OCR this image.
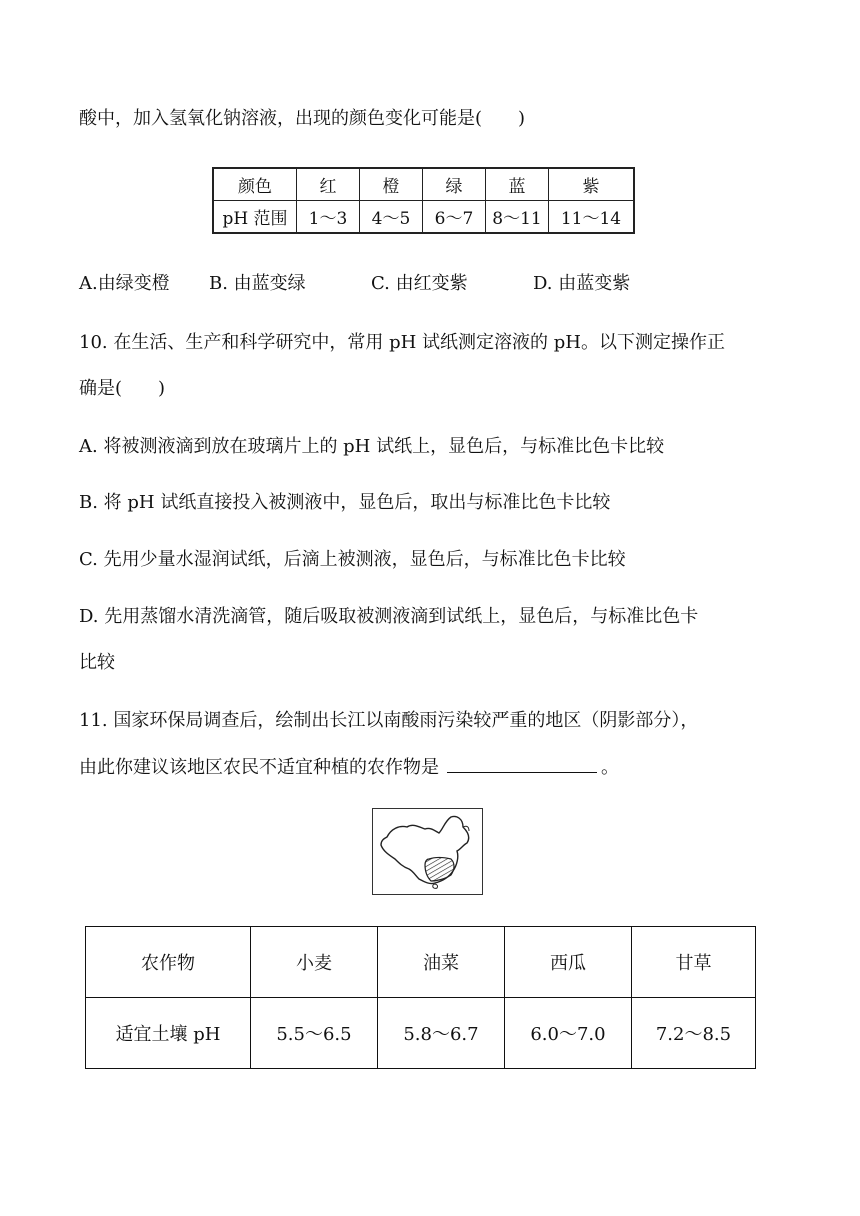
酸中，加入氢氧化钠溶液，出现的颜色变化可能是(　　)
颜色	红	橙	绿	蓝	紫
pH 范围	1～3	4～5	6～7	8～11	11～14
A.由绿变橙 B. 由蓝变绿	C. 由红变紫	D. 由蓝变紫
10. 在生活、生产和科学研究中，常用 pH 试纸测定溶液的 pH。以下测定操作正
确是(　　)
A. 将被测液滴到放在玻璃片上的 pH 试纸上，显色后，与标准比色卡比较
B. 将 pH 试纸直接投入被测液中，显色后，取出与标准比色卡比较
C. 先用少量水湿润试纸，后滴上被测液，显色后，与标准比色卡比较
D. 先用蒸馏水清洗滴管，随后吸取被测液滴到试纸上，显色后，与标准比色卡
比较
11. 国家环保局调查后，绘制出长江以南酸雨污染较严重的地区（阴影部分），
由此你建议该地区农民不适宜种植的农作物是	。
农作物	小麦	油菜	西瓜	甘草
适宜土壤 pH	5.5～6.5	5.8～6.7	6.0～7.0	7.2～8.5
